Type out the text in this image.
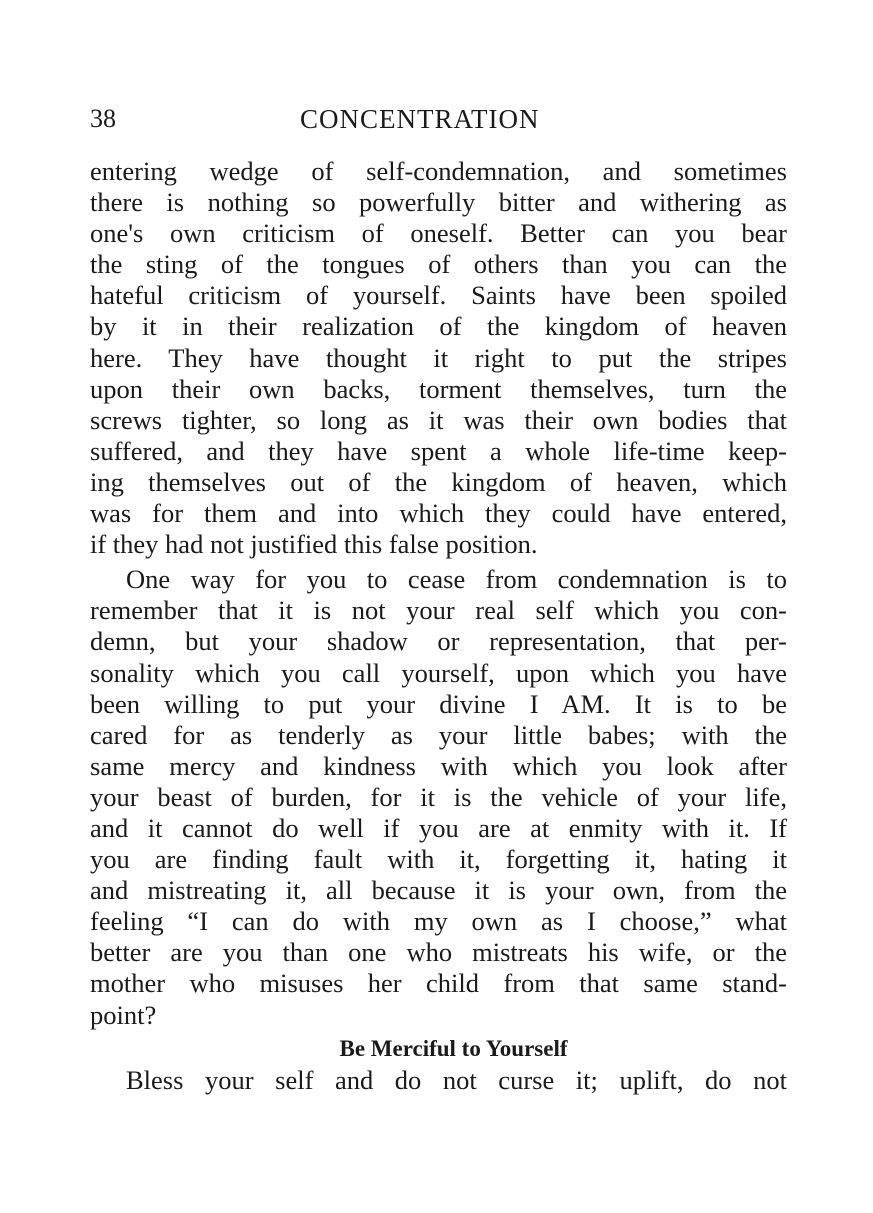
38	CONCENTRATION
entering wedge of self-condemnation, and sometimes
there is nothing so powerfully bitter and withering as
one's own criticism of oneself. Better can you bear
the sting of the tongues of others than you can the
hateful criticism of yourself. Saints have been spoiled
by it in their realization of the kingdom of heaven
here. They have thought it right to put the stripes
upon their own backs, torment themselves, turn the
screws tighter, so long as it was their own bodies that
suffered, and they have spent a whole life-time keep-
ing themselves out of the kingdom of heaven, which
was for them and into which they could have entered,
if they had not justified this false position.
One way for you to cease from condemnation is to
remember that it is not your real self which you con-
demn, but your shadow or representation, that per-
sonality which you call yourself, upon which you have
been willing to put your divine I AM. It is to be
cared for as tenderly as your little babes; with the
same mercy and kindness with which you look after
your beast of burden, for it is the vehicle of your life,
and it cannot do well if you are at enmity with it. If
you are finding fault with it, forgetting it, hating it
and mistreating it, all because it is your own, from the
feeling “I can do with my own as I choose,” what
better are you than one who mistreats his wife, or the
mother who misuses her child from that same stand-
point?
Be Merciful to Yourself
Bless your self and do not curse it; uplift, do not
